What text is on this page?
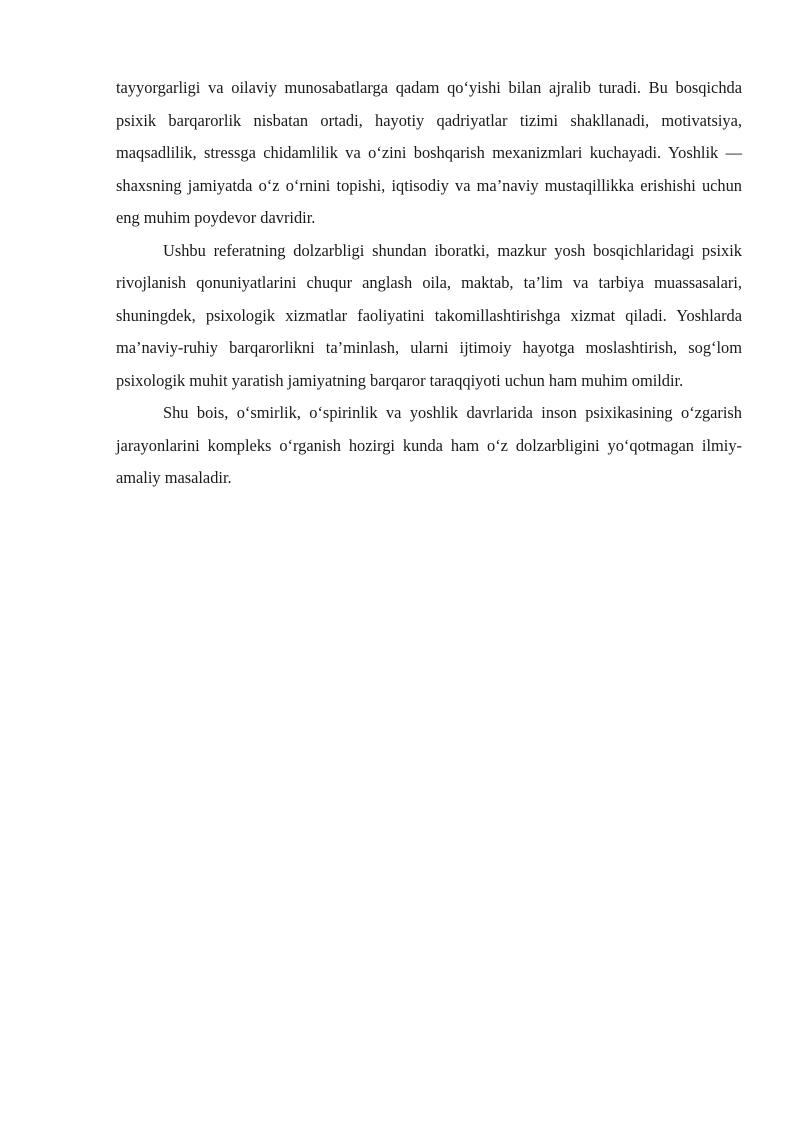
tayyorgarligi va oilaviy munosabatlarga qadam qo‘yishi bilan ajralib turadi. Bu bosqichda psixik barqarorlik nisbatan ortadi, hayotiy qadriyatlar tizimi shakllanadi, motivatsiya, maqsadlilik, stressga chidamlilik va o‘zini boshqarish mexanizmlari kuchayadi. Yoshlik — shaxsning jamiyatda o‘z o‘rnini topishi, iqtisodiy va ma’naviy mustaqillikka erishishi uchun eng muhim poydevor davridir.

Ushbu referatning dolzarbligi shundan iboratki, mazkur yosh bosqichlaridagi psixik rivojlanish qonuniyatlarini chuqur anglash oila, maktab, ta’lim va tarbiya muassasalari, shuningdek, psixologik xizmatlar faoliyatini takomillashtirishga xizmat qiladi. Yoshlarda ma’naviy-ruhiy barqarorlikni ta’minlash, ularni ijtimoiy hayotga moslashtirish, sog‘lom psixologik muhit yaratish jamiyatning barqaror taraqqiyoti uchun ham muhim omildir.

Shu bois, o‘smirlik, o‘spirinlik va yoshlik davrlarida inson psixikasining o‘zgarish jarayonlarini kompleks o‘rganish hozirgi kunda ham o‘z dolzarbligini yo‘qotmagan ilmiy-amaliy masaladir.
